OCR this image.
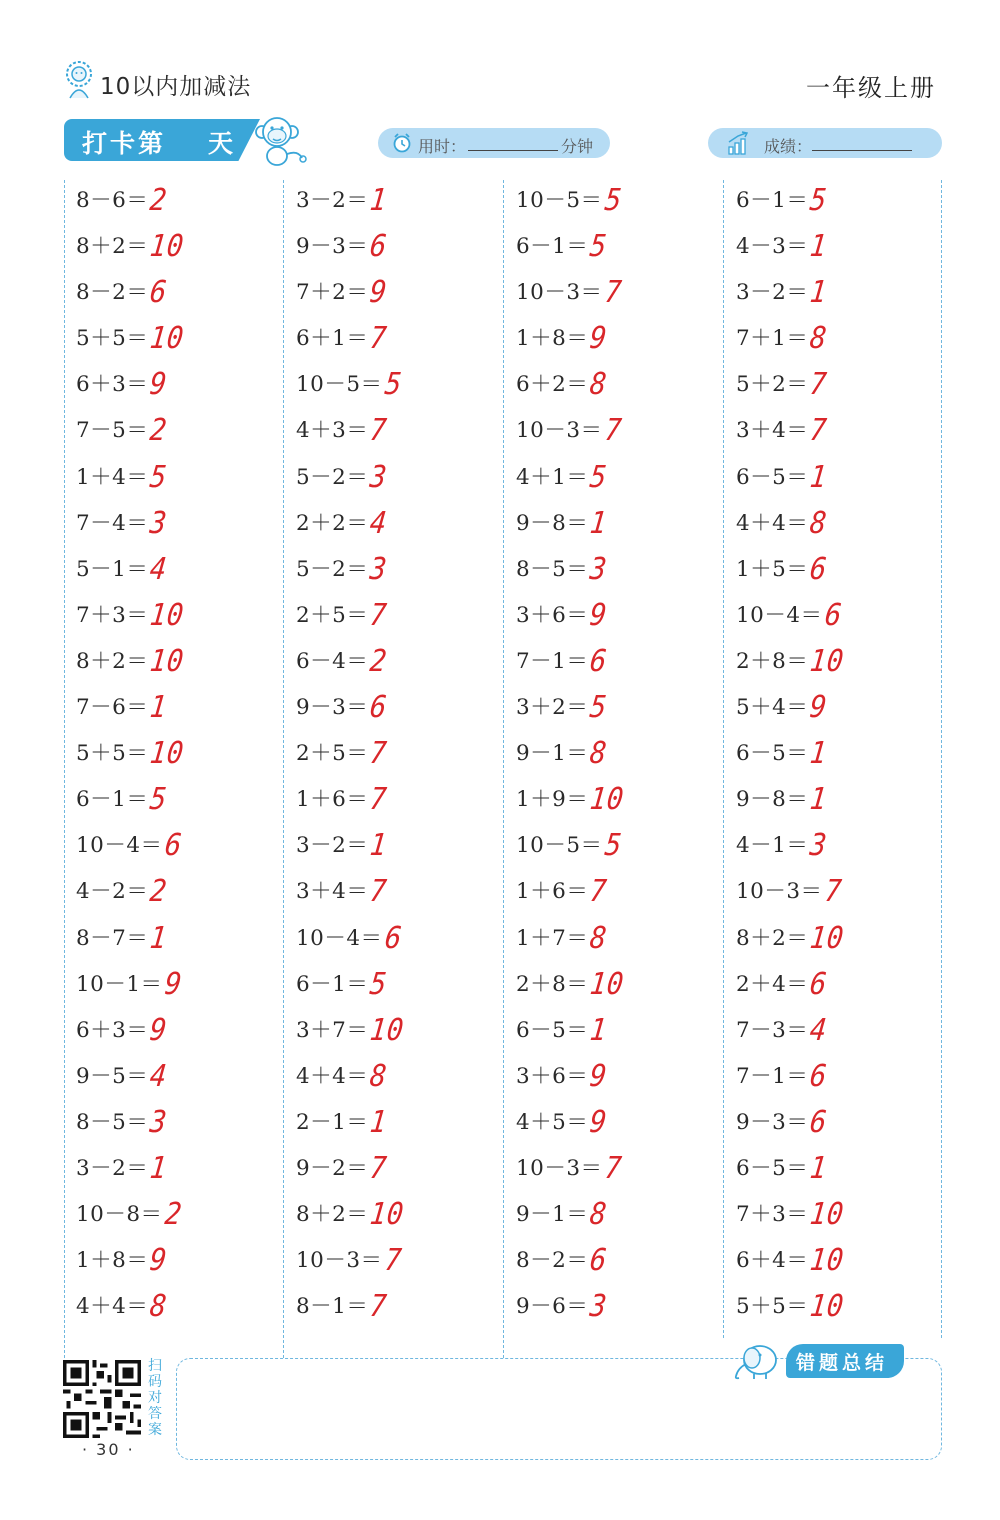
10以内加减法	一年级上册
打卡第 天	用时：	分钟	成绩：
8－6＝2
8＋2＝10
8－2＝6
5＋5＝10
6＋3＝9
7－5＝2
1＋4＝5
7－4＝3
5－1＝4
7＋3＝10
8＋2＝10
7－6＝1
5＋5＝10
6－1＝5
10－4＝6
4－2＝2
8－7＝1
10－1＝9
6＋3＝9
9－5＝4
8－5＝3
3－2＝1
10－8＝2
1＋8＝9
4＋4＝8
3－2＝1
9－3＝6
7＋2＝9
6＋1＝7
10－5＝5
4＋3＝7
5－2＝3
2＋2＝4
5－2＝3
2＋5＝7
6－4＝2
9－3＝6
2＋5＝7
1＋6＝7
3－2＝1
3＋4＝7
10－4＝6
6－1＝5
3＋7＝10
4＋4＝8
2－1＝1
9－2＝7
8＋2＝10
10－3＝7
8－1＝7
10－5＝5
6－1＝5
10－3＝7
1＋8＝9
6＋2＝8
10－3＝7
4＋1＝5
9－8＝1
8－5＝3
3＋6＝9
7－1＝6
3＋2＝5
9－1＝8
1＋9＝10
10－5＝5
1＋6＝7
1＋7＝8
2＋8＝10
6－5＝1
3＋6＝9
4＋5＝9
10－3＝7
9－1＝8
8－2＝6
9－6＝3
6－1＝5
4－3＝1
3－2＝1
7＋1＝8
5＋2＝7
3＋4＝7
6－5＝1
4＋4＝8
1＋5＝6
10－4＝6
2＋8＝10
5＋4＝9
6－5＝1
9－8＝1
4－1＝3
10－3＝7
8＋2＝10
2＋4＝6
7－3＝4
7－1＝6
9－3＝6
6－5＝1
7＋3＝10
6＋4＝10
5＋5＝10
扫码对答案
· 30 ·
错题总结
